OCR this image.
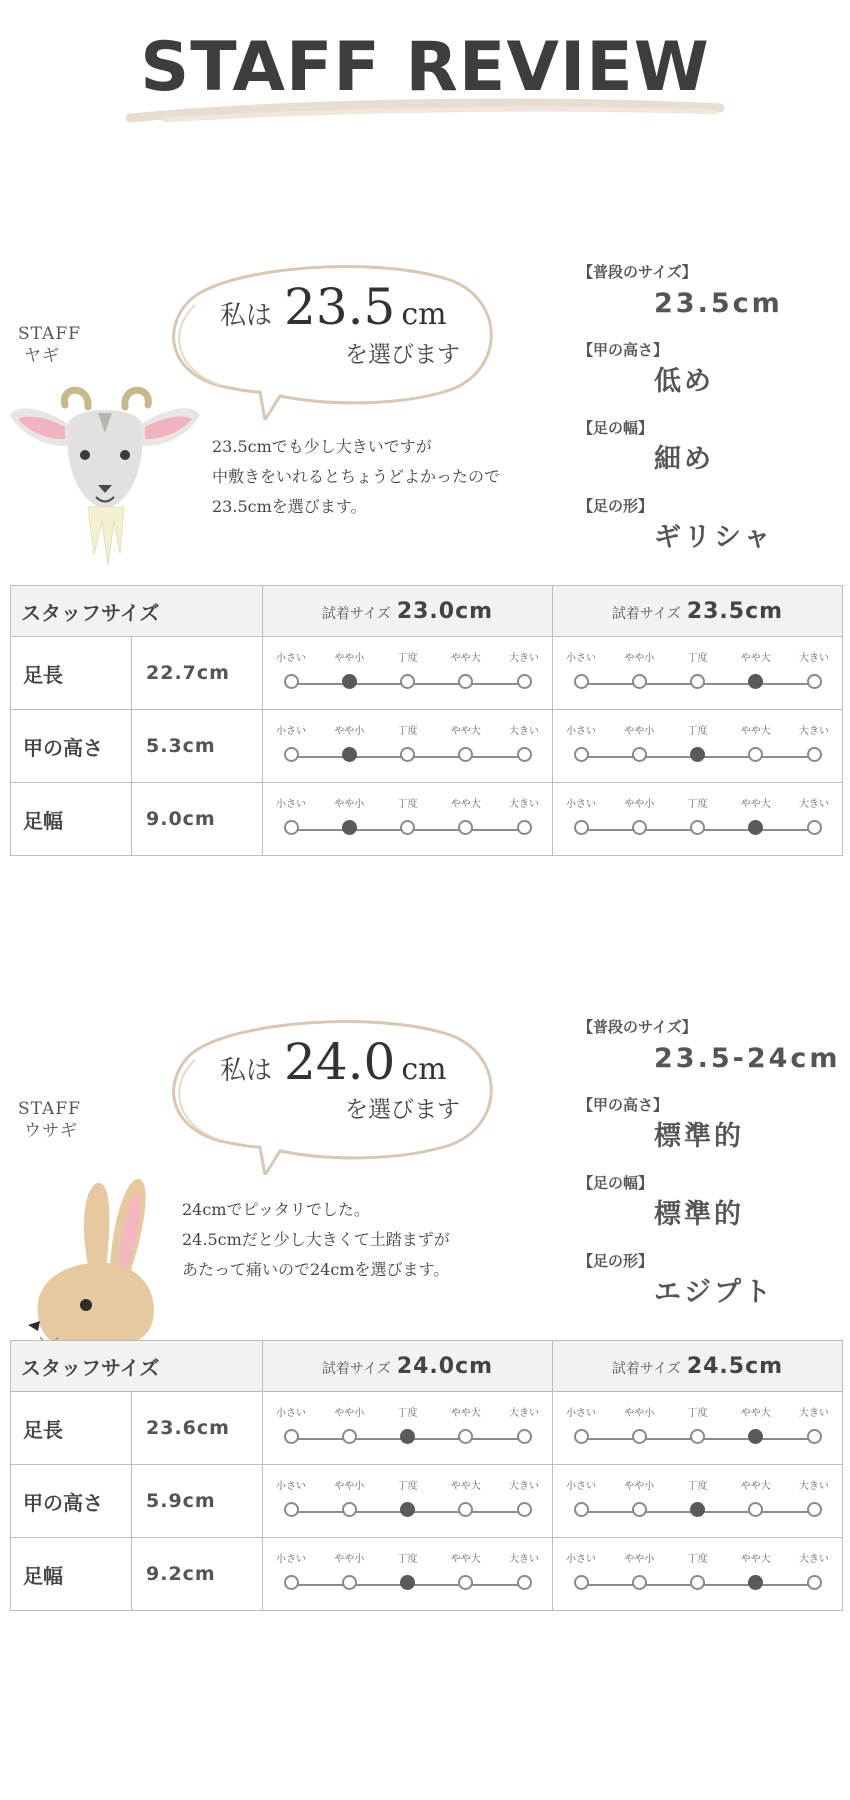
STAFF REVIEW
私は 23.5 cm
を選びます
STAFF
ヤギ
23.5cmでも少し大きいですが
中敷きをいれるとちょうどよかったので
23.5cmを選びます。
【普段のサイズ】
23.5cm
【甲の高さ】
低め
【足の幅】
細め
【足の形】
ギリシャ
スタッフサイズ		試着サイズ 23.0cm	試着サイズ 23.5cm
足長	22.7cm	小さい やや小 丁度 やや大 大きい	小さい やや小 丁度 やや大 大きい

甲の高さ	5.3cm	小さい やや小 丁度 やや大 大きい	小さい やや小 丁度 やや大 大きい

足幅	9.0cm	小さい やや小 丁度 やや大 大きい	小さい やや小 丁度 やや大 大きい
私は 24.0 cm
を選びます
STAFF
ウサギ
24cmでピッタリでした。
24.5cmだと少し大きくて土踏まずが
あたって痛いので24cmを選びます。
【普段のサイズ】
23.5-24cm
【甲の高さ】
標準的
【足の幅】
標準的
【足の形】
エジプト
スタッフサイズ		試着サイズ 24.0cm	試着サイズ 24.5cm
足長	23.6cm	小さい やや小 丁度 やや大 大きい	小さい やや小 丁度 やや大 大きい

甲の高さ	5.9cm	小さい やや小 丁度 やや大 大きい	小さい やや小 丁度 やや大 大きい

足幅	9.2cm	小さい やや小 丁度 やや大 大きい	小さい やや小 丁度 やや大 大きい
